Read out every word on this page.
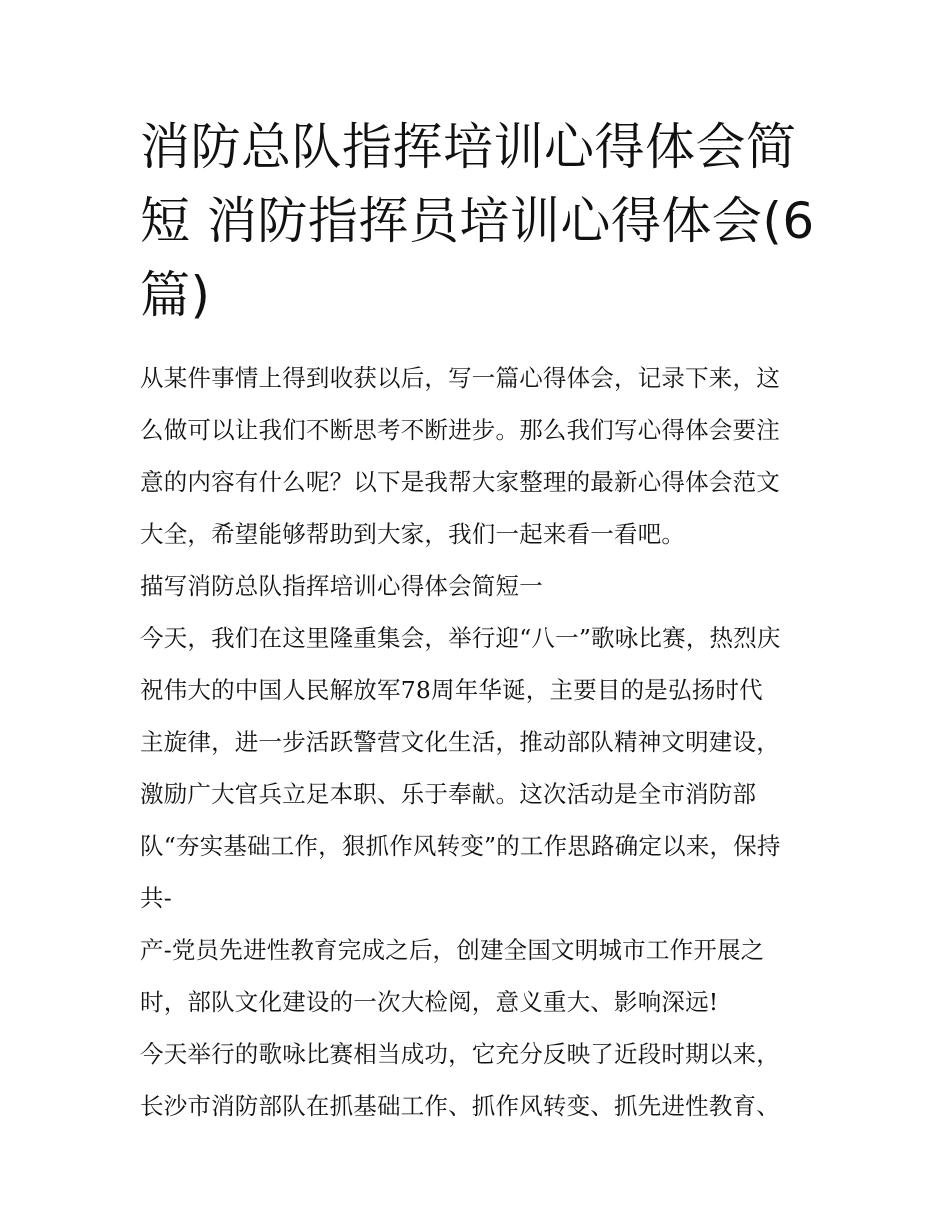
消防总队指挥培训心得体会简短 消防指挥员培训心得体会(6篇)
从某件事情上得到收获以后，写一篇心得体会，记录下来，这
么做可以让我们不断思考不断进步。那么我们写心得体会要注
意的内容有什么呢？以下是我帮大家整理的最新心得体会范文
大全，希望能够帮助到大家，我们一起来看一看吧。
描写消防总队指挥培训心得体会简短一
今天，我们在这里隆重集会，举行迎“八一”歌咏比赛，热烈庆
祝伟大的中国人民解放军78周年华诞，主要目的是弘扬时代
主旋律，进一步活跃警营文化生活，推动部队精神文明建设，
激励广大官兵立足本职、乐于奉献。这次活动是全市消防部
队“夯实基础工作，狠抓作风转变”的工作思路确定以来，保持
共-
产-党员先进性教育完成之后，创建全国文明城市工作开展之
时，部队文化建设的一次大检阅，意义重大、影响深远!
今天举行的歌咏比赛相当成功，它充分反映了近段时期以来，
长沙市消防部队在抓基础工作、抓作风转变、抓先进性教育、
